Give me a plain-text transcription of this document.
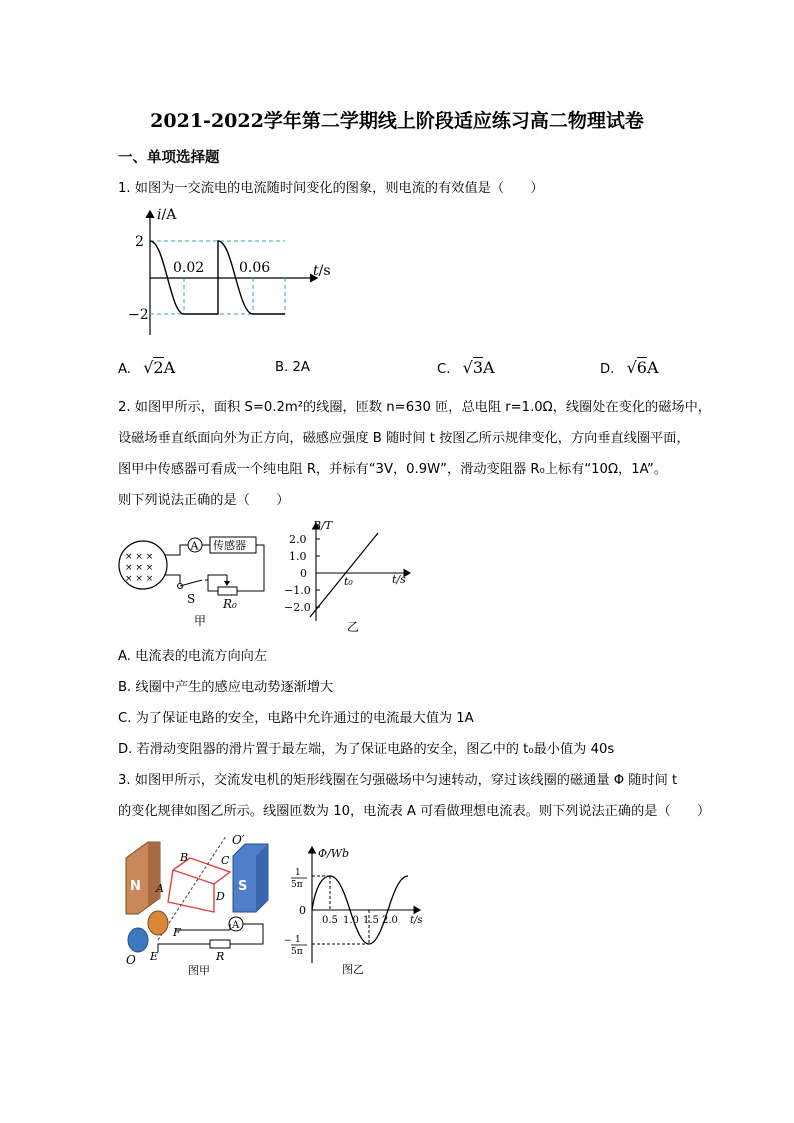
2021-2022学年第二学期线上阶段适应练习高二物理试卷
一、单项选择题
1. 如图为一交流电的电流随时间变化的图象，则电流的有效值是（　　）
i/A
2
−2
0.02 0.06	t/s
A. √2A	B. 2A	C. √3A	D. √6A
2. 如图甲所示，面积 S=0.2m²的线圈，匝数 n=630 匝，总电阻 r=1.0Ω，线圈处在变化的磁场中，
设磁场垂直纸面向外为正方向，磁感应强度 B 随时间 t 按图乙所示规律变化，方向垂直线圈平面，
图甲中传感器可看成一个纯电阻 R，并标有“3V，0.9W”，滑动变阻器 R₀上标有“10Ω，1A”。
则下列说法正确的是（　　）
× × ×
× × ×
× × ×
A 传感器
S R₀
甲
B/T
2.0
1.0
0
−1.0
−2.0
t₀	t/s
乙
A. 电流表的电流方向向左
B. 线圈中产生的感应电动势逐渐增大
C. 为了保证电路的安全，电路中允许通过的电流最大值为 1A
D. 若滑动变阻器的滑片置于最左端，为了保证电路的安全，图乙中的 t₀最小值为 40s
3. 如图甲所示，交流发电机的矩形线圈在匀强磁场中匀速转动，穿过该线圈的磁通量 Φ 随时间 t
的变化规律如图乙所示。线圈匝数为 10，电流表 A 可看做理想电流表。则下列说法正确的是（　　）
N	S
A
O′
B	C
A
D
F
E
O	R
图甲
Φ/Wb
1
5π
0
− 1
5π
0.5 1.0 1.5 2.0 t/s
图乙
